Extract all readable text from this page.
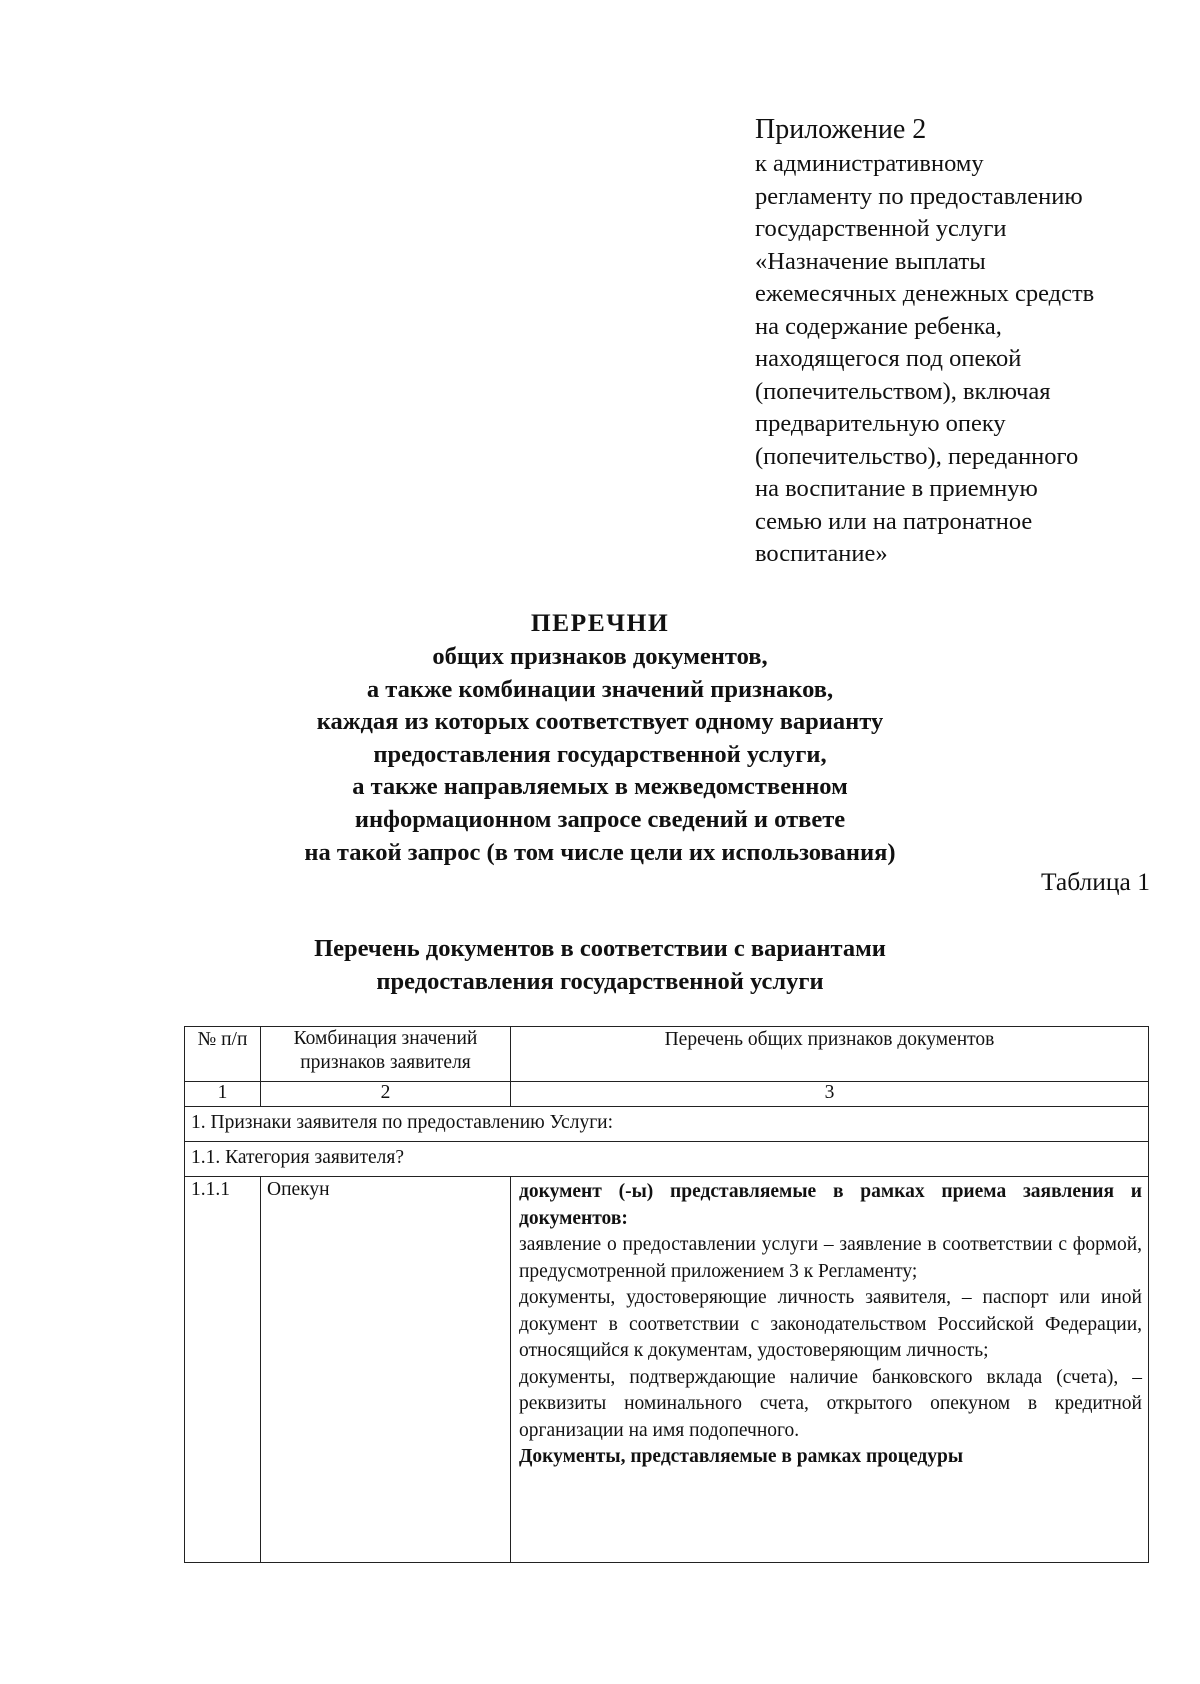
Приложение 2
к административному
регламенту по предоставлению
государственной услуги
«Назначение выплаты
ежемесячных денежных средств
на содержание ребенка,
находящегося под опекой
(попечительством), включая
предварительную опеку
(попечительство), переданного
на воспитание в приемную
семью или на патронатное
воспитание»
ПЕРЕЧНИ
общих признаков документов,
а также комбинации значений признаков,
каждая из которых соответствует одному варианту
предоставления государственной услуги,
а также направляемых в межведомственном
информационном запросе сведений и ответе
на такой запрос (в том числе цели их использования)
Таблица 1
Перечень документов в соответствии с вариантами
предоставления государственной услуги
№ п/п	Комбинация значений признаков заявителя	Перечень общих признаков документов
1	2	3
1. Признаки заявителя по предоставлению Услуги:		
1.1. Категория заявителя?		
1.1.1	Опекун	документ (-ы) представляемые в рамках приема заявления и документов:

заявление о предоставлении услуги – заявление в соответствии с формой, предусмотренной приложением 3 к Регламенту;

документы, удостоверяющие личность заявителя, – паспорт или иной документ в соответствии с законодательством Российской Федерации, относящийся к документам, удостоверяющим личность;

документы, подтверждающие наличие банковского вклада (счета), – реквизиты номинального счета, открытого опекуном в кредитной организации на имя подопечного.

Документы, представляемые в рамках процедуры
